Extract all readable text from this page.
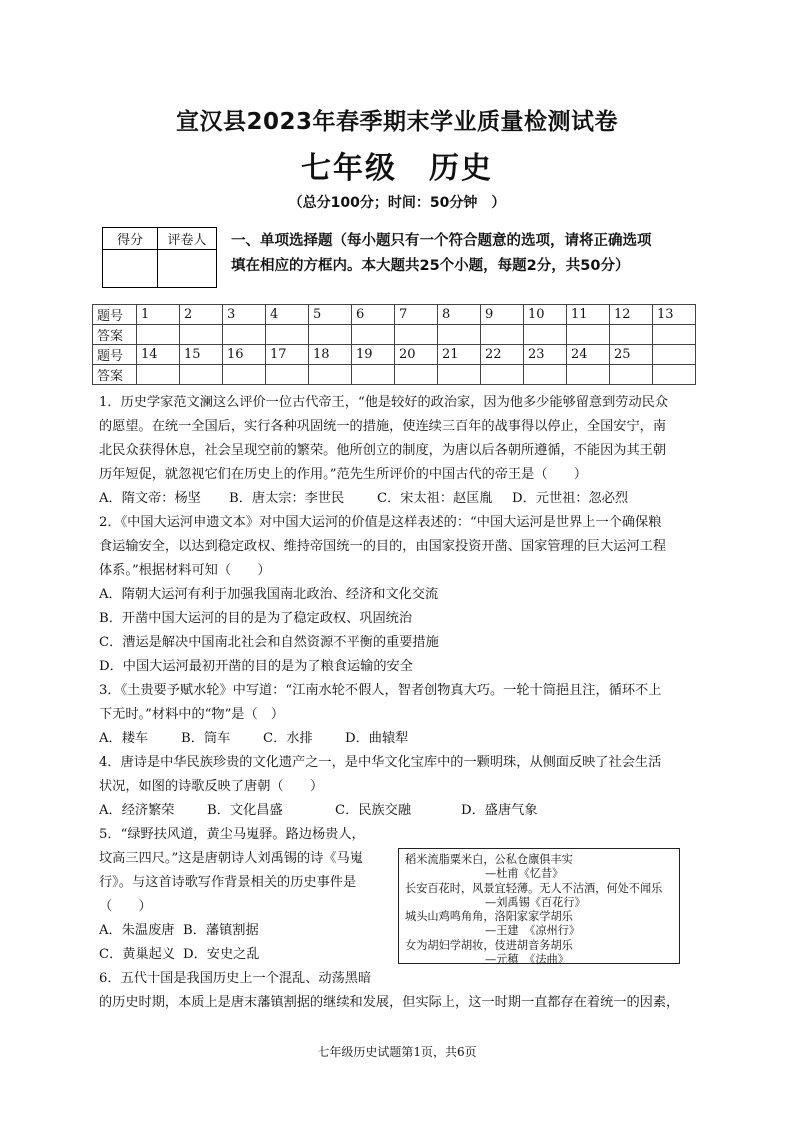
宣汉县2023年春季期末学业质量检测试卷
七年级　历史
（总分100分；时间：50分钟　）
得分	评卷人
	一、单项选择题（每小题只有一个符合题意的选项，请将正确选项
填在相应的方框内。本大题共25个小题，每题2分，共50分）
题号	1	2	3	4	5	6	7	8	9	10	11	12	13
答案													
题号	14	15	16	17	18	19	20	21	22	23	24	25	
答案													
1．历史学家范文澜这么评价一位古代帝王，“他是较好的政治家，因为他多少能够留意到劳动民众
的愿望。在统一全国后，实行各种巩固统一的措施，使连续三百年的战事得以停止，全国安宁，南
北民众获得休息，社会呈现空前的繁荣。他所创立的制度，为唐以后各朝所遵循，不能因为其王朝
历年短促，就忽视它们在历史上的作用。”范先生所评价的中国古代的帝王是（　　）
A．隋文帝：杨坚 B．唐太宗：李世民 C．宋太祖：赵匡胤 D．元世祖：忽必烈
2．《中国大运河申遗文本》对中国大运河的价值是这样表述的：“中国大运河是世界上一个确保粮
食运输安全，以达到稳定政权、维持帝国统一的目的，由国家投资开凿、国家管理的巨大运河工程
体系。”根据材料可知（　　）
A．隋朝大运河有利于加强我国南北政治、经济和文化交流
B．开凿中国大运河的目的是为了稳定政权、巩固统治
C．漕运是解决中国南北社会和自然资源不平衡的重要措施
D．中国大运河最初开凿的目的是为了粮食运输的安全
3．《土贵要予赋水轮》中写道：“江南水轮不假人，智者创物真大巧。一轮十筒挹且注，循环不上
下无时。”材料中的“物”是（　）
A．耧车 B．筒车 C．水排 D．曲辕犁
4．唐诗是中华民族珍贵的文化遗产之一，是中华文化宝库中的一颗明珠，从侧面反映了社会生活
状况，如图的诗歌反映了唐朝（　　）
A．经济繁荣 B．文化昌盛	C．民族交融	D．盛唐气象
5．“绿野扶风道，黄尘马嵬驿。路边杨贵人，
坟高三四尺。”这是唐朝诗人刘禹锡的诗《马嵬
行》。与这首诗歌写作背景相关的历史事件是
（　　）
A．朱温废唐 B．藩镇割据
C．黄巢起义 D．安史之乱
稻米流脂粟米白，公私仓廪俱丰实
—杜甫《忆昔》
长安百花时，风景宜轻薄。无人不沽酒，何处不闻乐
—刘禹锡《百花行》
城头山鸡鸣角角，洛阳家家学胡乐
—王建　《凉州行》
女为胡妇学胡妆，伎进胡音务胡乐
—元稹　《法曲》
6．五代十国是我国历史上一个混乱、动荡黑暗
的历史时期，本质上是唐末藩镇割据的继续和发展，但实际上，这一时期一直都存在着统一的因素，
七年级历史试题第1页，共6页
